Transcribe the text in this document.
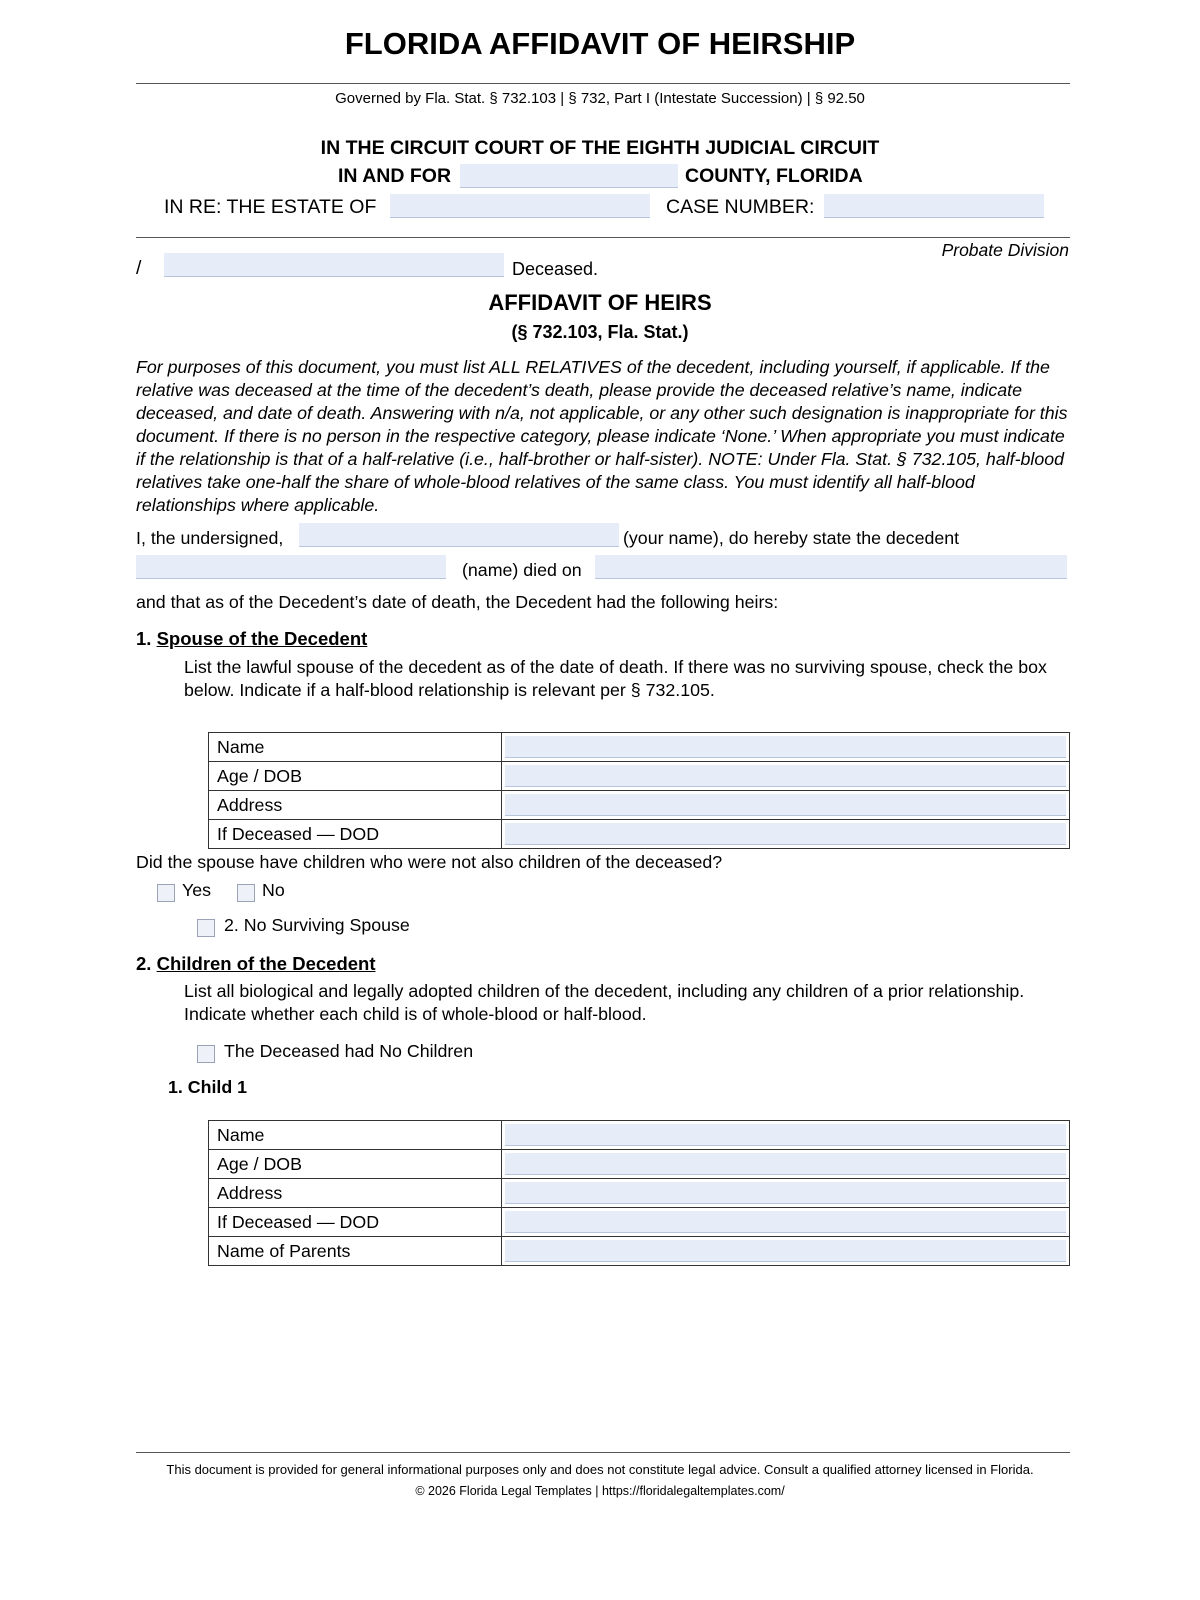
FLORIDA AFFIDAVIT OF HEIRSHIP
Governed by Fla. Stat. § 732.103 | § 732, Part I (Intestate Succession) | § 92.50
IN THE CIRCUIT COURT OF THE EIGHTH JUDICIAL CIRCUIT
IN AND FOR	COUNTY, FLORIDA
IN RE: THE ESTATE OF	CASE NUMBER:
Probate Division
/	Deceased.
AFFIDAVIT OF HEIRS
(§ 732.103, Fla. Stat.)
For purposes of this document, you must list ALL RELATIVES of the decedent, including yourself, if applicable. If the relative was deceased at the time of the decedent’s death, please provide the deceased relative’s name, indicate deceased, and date of death. Answering with n/a, not applicable, or any other such designation is inappropriate for this document. If there is no person in the respective category, please indicate ‘None.’ When appropriate you must indicate if the relationship is that of a half-relative (i.e., half-brother or half-sister). NOTE: Under Fla. Stat. § 732.105, half-blood relatives take one-half the share of whole-blood relatives of the same class. You must identify all half-blood relationships where applicable.
I, the undersigned,	(your name), do hereby state the decedent
(name) died on
and that as of the Decedent’s date of death, the Decedent had the following heirs:
1. Spouse of the Decedent
List the lawful spouse of the decedent as of the date of death. If there was no surviving spouse, check the box below. Indicate if a half-blood relationship is relevant per § 732.105.
Name	

Age / DOB	

Address	

If Deceased — DOD	
Did the spouse have children who were not also children of the deceased?
Yes	No
2. No Surviving Spouse
2. Children of the Decedent
List all biological and legally adopted children of the decedent, including any children of a prior relationship. Indicate whether each child is of whole-blood or half-blood.
The Deceased had No Children
1. Child 1
Name	

Age / DOB	

Address	

If Deceased — DOD	

Name of Parents	
This document is provided for general informational purposes only and does not constitute legal advice. Consult a qualified attorney licensed in Florida.
© 2026 Florida Legal Templates | https://floridalegaltemplates.com/
